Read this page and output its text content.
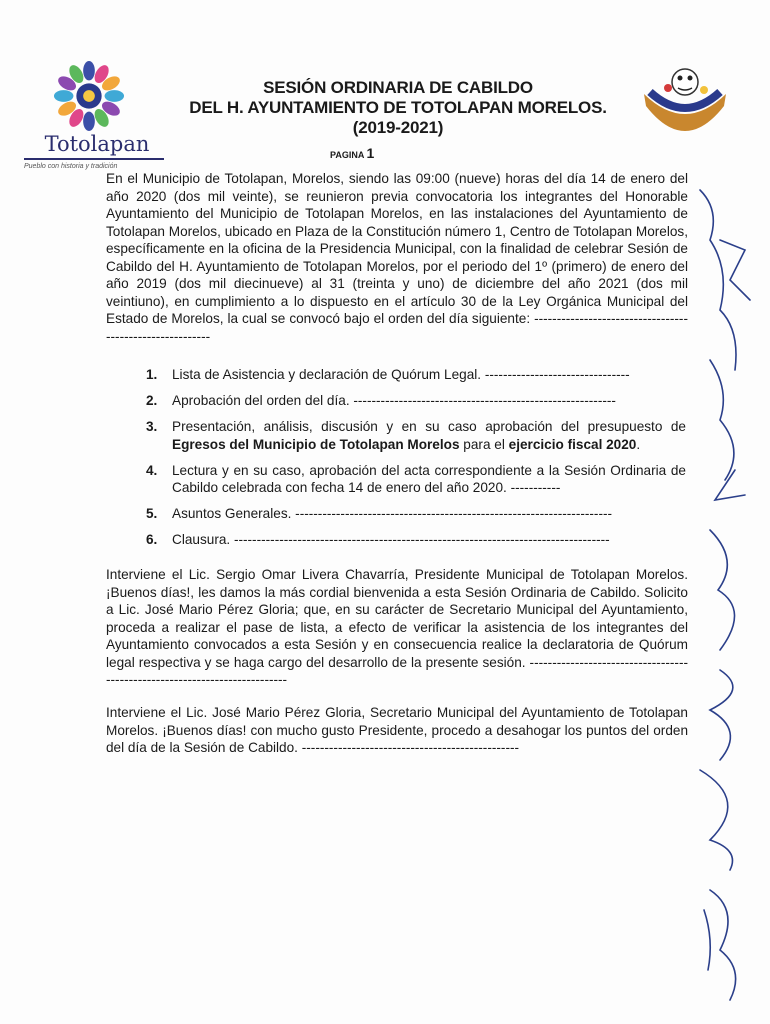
Totolapan
Pueblo con historia y tradición
SESIÓN ORDINARIA DE CABILDO
DEL H. AYUNTAMIENTO DE TOTOLAPAN MORELOS.
(2019-2021)
PAGINA 1

En el Municipio de Totolapan, Morelos, siendo las 09:00 (nueve) horas del día 14 de enero del año 2020 (dos mil veinte), se reunieron previa convocatoria los integrantes del Honorable Ayuntamiento del Municipio de Totolapan Morelos, en las instalaciones del Ayuntamiento de Totolapan Morelos, ubicado en Plaza de la Constitución número 1, Centro de Totolapan Morelos, específicamente en la oficina de la Presidencia Municipal, con la finalidad de celebrar Sesión de Cabildo del H. Ayuntamiento de Totolapan Morelos, por el periodo del 1º (primero) de enero del año 2019 (dos mil diecinueve) al 31 (treinta y uno) de diciembre del año 2021 (dos mil veintiuno), en cumplimiento a lo dispuesto en el artículo 30 de la Ley Orgánica Municipal del Estado de Morelos, la cual se convocó bajo el orden del día siguiente: ---------------------------------------------------------

1.	Lista de Asistencia y declaración de Quórum Legal. --------------------------------
2.	Aprobación del orden del día. ----------------------------------------------------------
3.	Presentación, análisis, discusión y en su caso aprobación del presupuesto de Egresos del Municipio de Totolapan Morelos para el ejercicio fiscal 2020.
4.	Lectura y en su caso, aprobación del acta correspondiente a la Sesión Ordinaria de Cabildo celebrada con fecha 14 de enero del año 2020. -----------
5.	Asuntos Generales. ----------------------------------------------------------------------
6.	Clausura. -----------------------------------------------------------------------------------

Interviene el Lic. Sergio Omar Livera Chavarría, Presidente Municipal de Totolapan Morelos. ¡Buenos días!, les damos la más cordial bienvenida a esta Sesión Ordinaria de Cabildo. Solicito a Lic. José Mario Pérez Gloria; que, en su carácter de Secretario Municipal del Ayuntamiento, proceda a realizar el pase de lista, a efecto de verificar la asistencia de los integrantes del Ayuntamiento convocados a esta Sesión y en consecuencia realice la declaratoria de Quórum legal respectiva y se haga cargo del desarrollo de la presente sesión. ---------------------------------------------------------------------------

Interviene el Lic. José Mario Pérez Gloria, Secretario Municipal del Ayuntamiento de Totolapan Morelos. ¡Buenos días! con mucho gusto Presidente, procedo a desahogar los puntos del orden del día de la Sesión de Cabildo. ------------------------------------------------
